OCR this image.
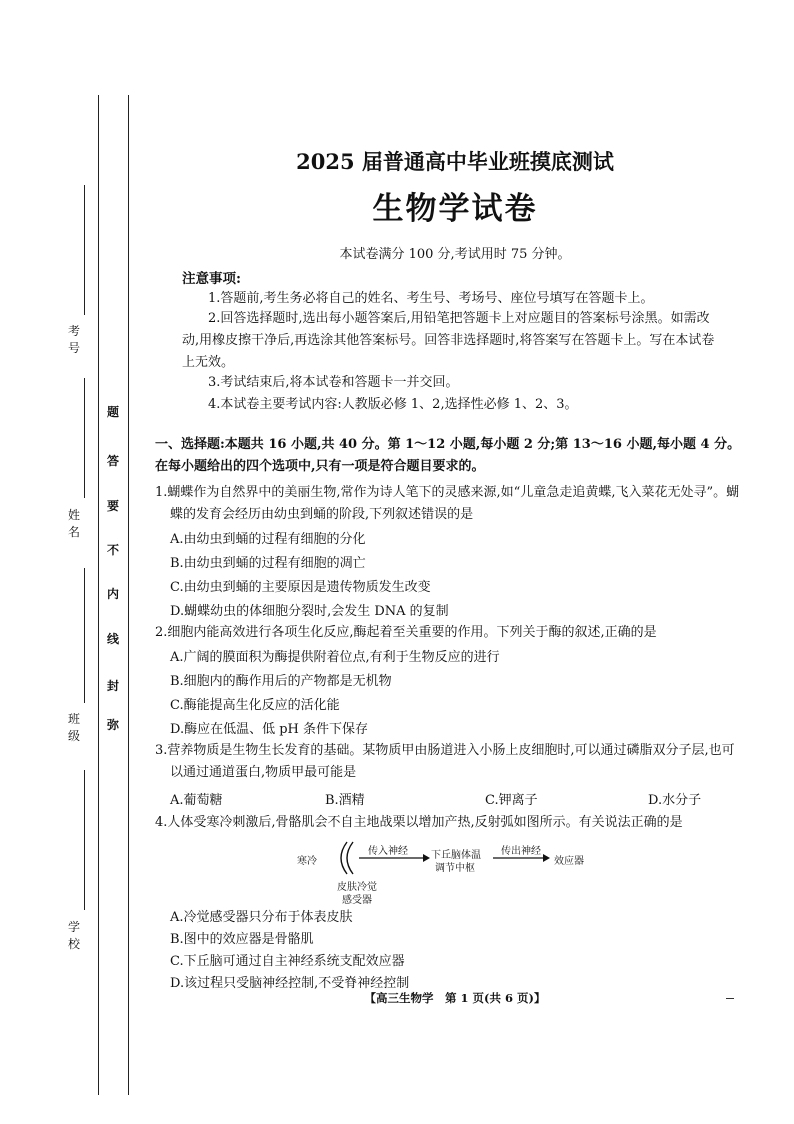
考号
姓名
班级
学校
题
答
要
不
内
线
封
弥
2025 届普通高中毕业班摸底测试
生物学试卷
本试卷满分 100 分,考试用时 75 分钟。
注意事项:
1.答题前,考生务必将自己的姓名、考生号、考场号、座位号填写在答题卡上。
2.回答选择题时,选出每小题答案后,用铅笔把答题卡上对应题目的答案标号涂黑。如需改动,用橡皮擦干净后,再选涂其他答案标号。回答非选择题时,将答案写在答题卡上。写在本试卷上无效。
3.考试结束后,将本试卷和答题卡一并交回。
4.本试卷主要考试内容:人教版必修 1、2,选择性必修 1、2、3。
一、选择题:本题共 16 小题,共 40 分。第 1～12 小题,每小题 2 分;第 13～16 小题,每小题 4 分。在每小题给出的四个选项中,只有一项是符合题目要求的。
1.蝴蝶作为自然界中的美丽生物,常作为诗人笔下的灵感来源,如“儿童急走追黄蝶,飞入菜花无处寻”。蝴蝶的发育会经历由幼虫到蛹的阶段,下列叙述错误的是
A.由幼虫到蛹的过程有细胞的分化
B.由幼虫到蛹的过程有细胞的凋亡
C.由幼虫到蛹的主要原因是遗传物质发生改变
D.蝴蝶幼虫的体细胞分裂时,会发生 DNA 的复制
2.细胞内能高效进行各项生化反应,酶起着至关重要的作用。下列关于酶的叙述,正确的是
A.广阔的膜面积为酶提供附着位点,有利于生物反应的进行
B.细胞内的酶作用后的产物都是无机物
C.酶能提高生化反应的活化能
D.酶应在低温、低 pH 条件下保存
3.营养物质是生物生长发育的基础。某物质甲由肠道进入小肠上皮细胞时,可以通过磷脂双分子层,也可以通过通道蛋白,物质甲最可能是
A.葡萄糖	B.酒精	C.钾离子	D.水分子
4.人体受寒冷刺激后,骨骼肌会不自主地战栗以增加产热,反射弧如图所示。有关说法正确的是
寒冷
传入神经 下丘脑体温
调节中枢
传出神经
效应器
皮肤冷觉
感受器
A.冷觉感受器只分布于体表皮肤
B.图中的效应器是骨骼肌
C.下丘脑可通过自主神经系统支配效应器
D.该过程只受脑神经控制,不受脊神经控制
【高三生物学　第 1 页(共 6 页)】
